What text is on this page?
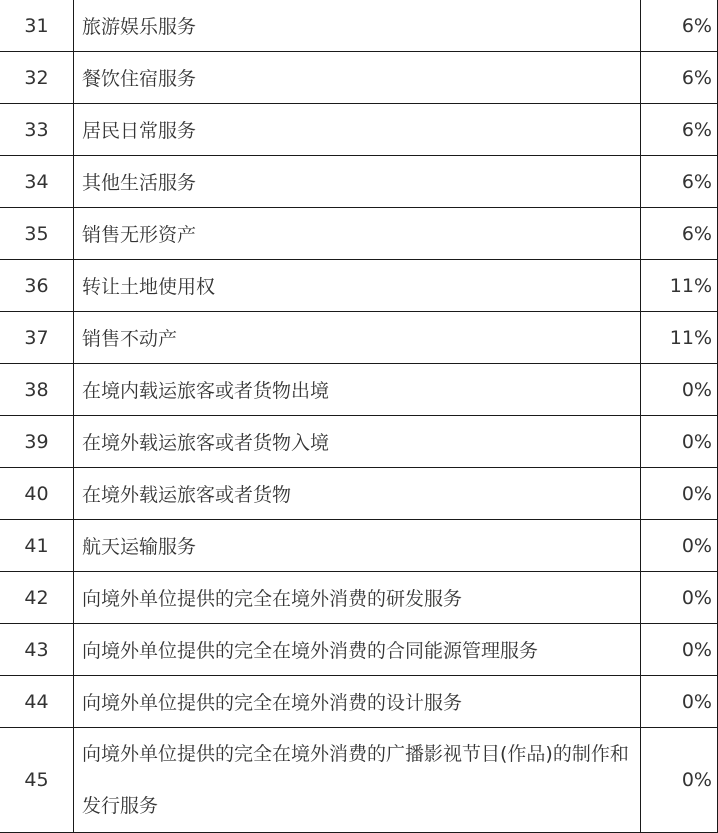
31	旅游娱乐服务	6%
32	餐饮住宿服务	6%
33	居民日常服务	6%
34	其他生活服务	6%
35	销售无形资产	6%
36	转让土地使用权	11%
37	销售不动产	11%
38	在境内载运旅客或者货物出境	0%
39	在境外载运旅客或者货物入境	0%
40	在境外载运旅客或者货物	0%
41	航天运输服务	0%
42	向境外单位提供的完全在境外消费的研发服务	0%
43	向境外单位提供的完全在境外消费的合同能源管理服务	0%
44	向境外单位提供的完全在境外消费的设计服务	0%
45	向境外单位提供的完全在境外消费的广播影视节目(作品)的制作和发行服务	0%
